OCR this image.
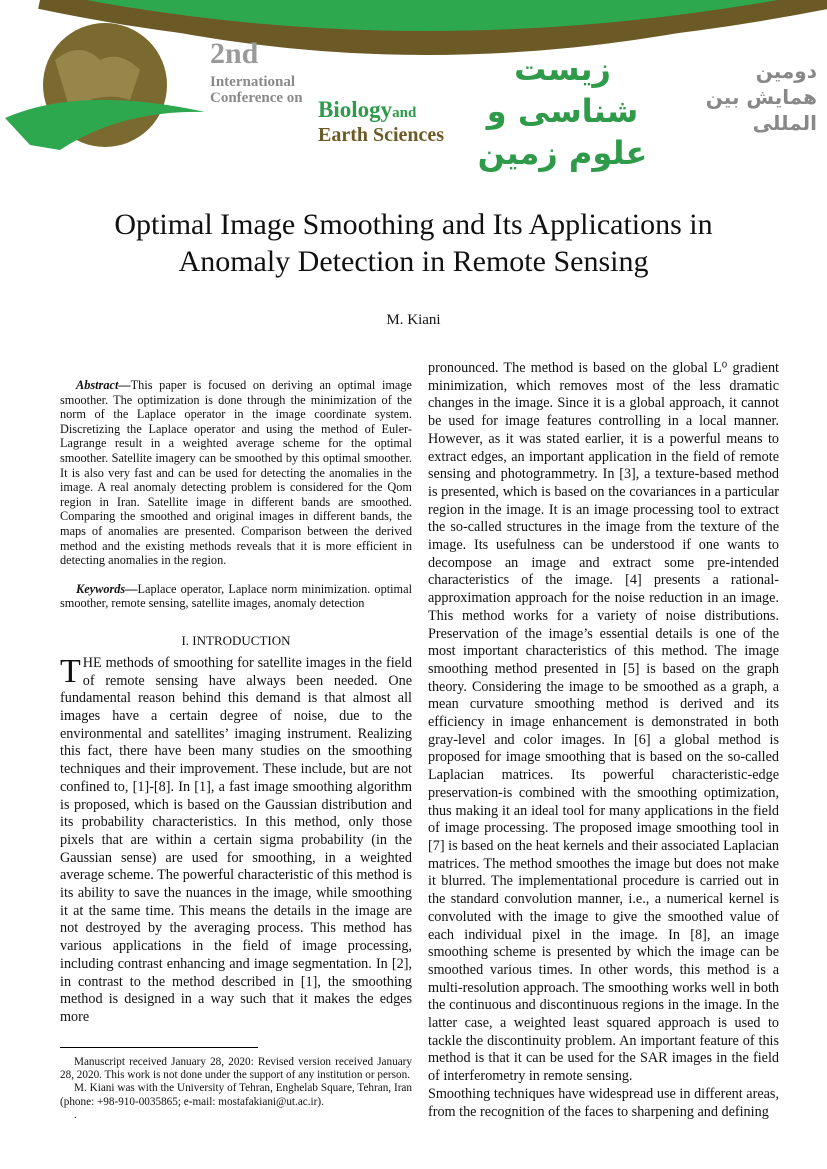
2nd
International
Conference on Biologyand
Earth Sciences
زیست شناسی و علوم زمین
دومین همایش بین المللی
Optimal Image Smoothing and Its Applications in Anomaly Detection in Remote Sensing
M. Kiani

Abstract—This paper is focused on deriving an optimal image smoother. The optimization is done through the minimization of the norm of the Laplace operator in the image coordinate system. Discretizing the Laplace operator and using the method of Euler-Lagrange result in a weighted average scheme for the optimal smoother. Satellite imagery can be smoothed by this optimal smoother. It is also very fast and can be used for detecting the anomalies in the image. A real anomaly detecting problem is considered for the Qom region in Iran. Satellite image in different bands are smoothed. Comparing the smoothed and original images in different bands, the maps of anomalies are presented. Comparison between the derived method and the existing methods reveals that it is more efficient in detecting anomalies in the region.

Keywords—Laplace operator, Laplace norm minimization. optimal smoother, remote sensing, satellite images, anomaly detection

I. INTRODUCTION

THE methods of smoothing for satellite images in the field of remote sensing have always been needed. One fundamental reason behind this demand is that almost all images have a certain degree of noise, due to the environmental and satellites’ imaging instrument. Realizing this fact, there have been many studies on the smoothing techniques and their improvement. These include, but are not confined to, [1]-[8]. In [1], a fast image smoothing algorithm is proposed, which is based on the Gaussian distribution and its probability characteristics. In this method, only those pixels that are within a certain sigma probability (in the Gaussian sense) are used for smoothing, in a weighted average scheme. The powerful characteristic of this method is its ability to save the nuances in the image, while smoothing it at the same time. This means the details in the image are not destroyed by the averaging process. This method has various applications in the field of image processing, including contrast enhancing and image segmentation. In [2], in contrast to the method described in [1], the smoothing method is designed in a way such that it makes the edges more

Manuscript received January 28, 2020: Revised version received January 28, 2020. This work is not done under the support of any institution or person.

M. Kiani was with the University of Tehran, Enghelab Square, Tehran, Iran (phone: +98-910-0035865; e-mail: mostafakiani@ut.ac.ir).

.

pronounced. The method is based on the global L⁰ gradient minimization, which removes most of the less dramatic changes in the image. Since it is a global approach, it cannot be used for image features controlling in a local manner. However, as it was stated earlier, it is a powerful means to extract edges, an important application in the field of remote sensing and photogrammetry. In [3], a texture-based method is presented, which is based on the covariances in a particular region in the image. It is an image processing tool to extract the so-called structures in the image from the texture of the image. Its usefulness can be understood if one wants to decompose an image and extract some pre-intended characteristics of the image. [4] presents a rational-approximation approach for the noise reduction in an image. This method works for a variety of noise distributions. Preservation of the image’s essential details is one of the most important characteristics of this method. The image smoothing method presented in [5] is based on the graph theory. Considering the image to be smoothed as a graph, a mean curvature smoothing method is derived and its efficiency in image enhancement is demonstrated in both gray-level and color images. In [6] a global method is proposed for image smoothing that is based on the so-called Laplacian matrices. Its powerful characteristic-edge preservation-is combined with the smoothing optimization, thus making it an ideal tool for many applications in the field of image processing. The proposed image smoothing tool in [7] is based on the heat kernels and their associated Laplacian matrices. The method smoothes the image but does not make it blurred. The implementational procedure is carried out in the standard convolution manner, i.e., a numerical kernel is convoluted with the image to give the smoothed value of each individual pixel in the image. In [8], an image smoothing scheme is presented by which the image can be smoothed various times. In other words, this method is a multi-resolution approach. The smoothing works well in both the continuous and discontinuous regions in the image. In the latter case, a weighted least squared approach is used to tackle the discontinuity problem. An important feature of this method is that it can be used for the SAR images in the field of interferometry in remote sensing.

Smoothing techniques have widespread use in different areas, from the recognition of the faces to sharpening and defining
